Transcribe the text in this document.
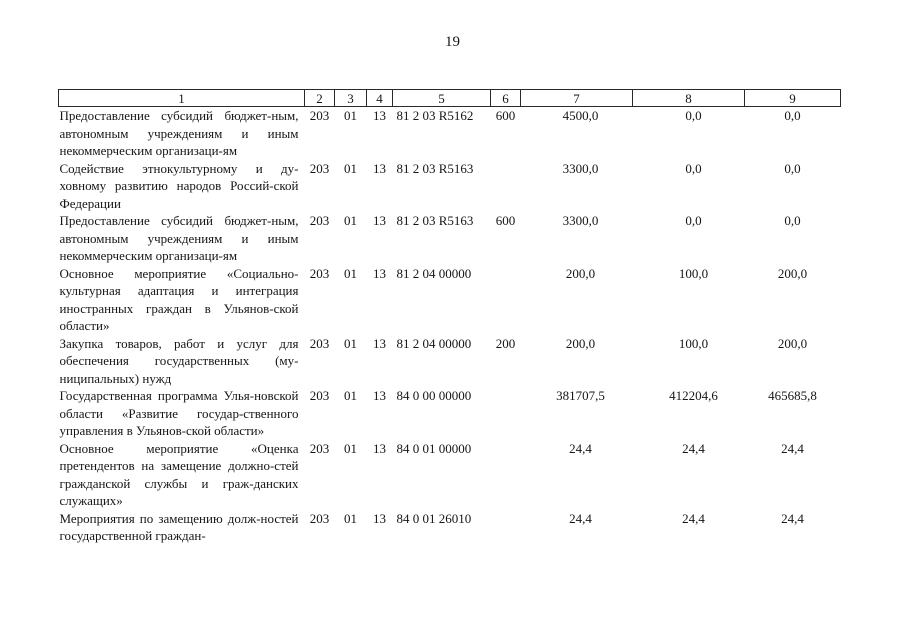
19
1	2	3	4	5	6	7	8	9
Предоставление субсидий бюджет-ным, автономным учреждениям и иным некоммерческим организаци-ям	203	01	13	81 2 03 R5162	600	4500,0	0,0	0,0
Содействие этнокультурному и ду-ховному развитию народов Россий-ской Федерации	203	01	13	81 2 03 R5163		3300,0	0,0	0,0
Предоставление субсидий бюджет-ным, автономным учреждениям и иным некоммерческим организаци-ям	203	01	13	81 2 03 R5163	600	3300,0	0,0	0,0
Основное мероприятие «Социально-культурная адаптация и интеграция иностранных граждан в Ульянов-ской области»	203	01	13	81 2 04 00000		200,0	100,0	200,0
Закупка товаров, работ и услуг для обеспечения государственных (му-ниципальных) нужд	203	01	13	81 2 04 00000	200	200,0	100,0	200,0
Государственная программа Улья-новской области «Развитие государ-ственного управления в Ульянов-ской области»	203	01	13	84 0 00 00000		381707,5	412204,6	465685,8
Основное мероприятие «Оценка претендентов на замещение должно-стей гражданской службы и граж-данских служащих»	203	01	13	84 0 01 00000		24,4	24,4	24,4
Мероприятия по замещению долж-ностей государственной граждан-	203	01	13	84 0 01 26010		24,4	24,4	24,4
